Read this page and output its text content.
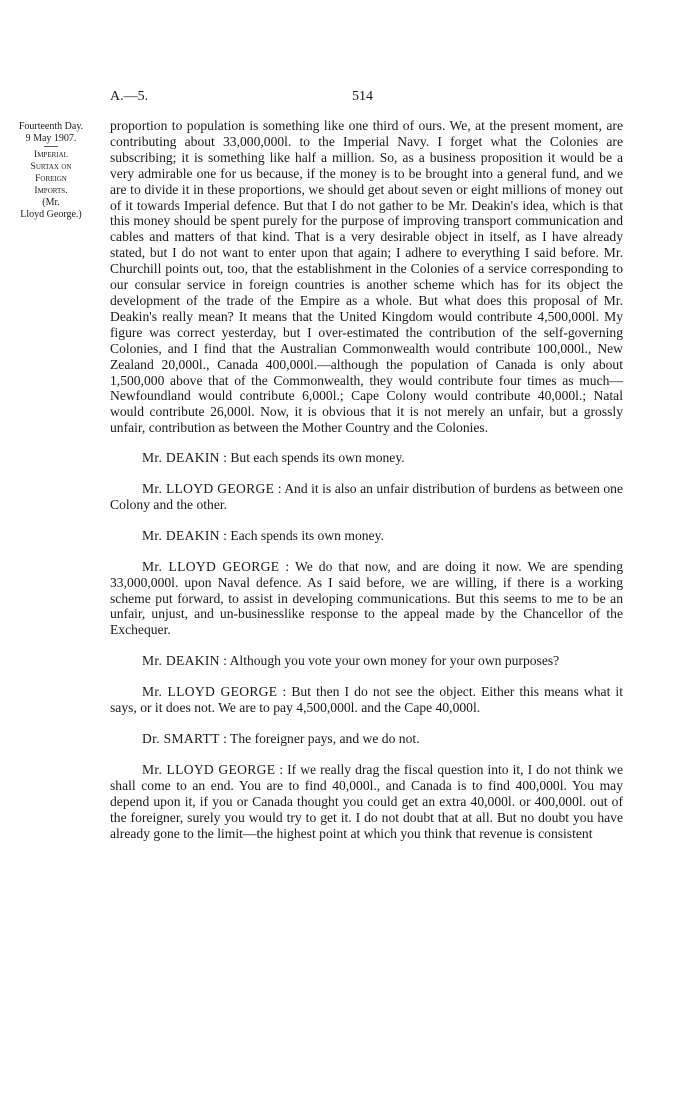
A.—5.	514
Fourteenth Day.
9 May 1907.
Imperial
Surtax on
Foreign
Imports.
(Mr.
Lloyd George.)

proportion to population is something like one third of ours. We, at the present moment, are contributing about 33,000,000l. to the Imperial Navy. I forget what the Colonies are subscribing; it is something like half a million. So, as a business proposition it would be a very admirable one for us because, if the money is to be brought into a general fund, and we are to divide it in these proportions, we should get about seven or eight millions of money out of it towards Imperial defence. But that I do not gather to be Mr. Deakin's idea, which is that this money should be spent purely for the purpose of improving transport communication and cables and matters of that kind. That is a very desirable object in itself, as I have already stated, but I do not want to enter upon that again; I adhere to everything I said before. Mr. Churchill points out, too, that the establishment in the Colonies of a service corresponding to our consular service in foreign countries is another scheme which has for its object the development of the trade of the Empire as a whole. But what does this proposal of Mr. Deakin's really mean? It means that the United Kingdom would contribute 4,500,000l. My figure was correct yesterday, but I over-estimated the contribution of the self-governing Colonies, and I find that the Australian Commonwealth would contribute 100,000l., New Zealand 20,000l., Canada 400,000l.—although the population of Canada is only about 1,500,000 above that of the Commonwealth, they would contribute four times as much—Newfoundland would contribute 6,000l.; Cape Colony would contribute 40,000l.; Natal would contribute 26,000l. Now, it is obvious that it is not merely an unfair, but a grossly unfair, contribution as between the Mother Country and the Colonies.

Mr. DEAKIN : But each spends its own money.

Mr. LLOYD GEORGE : And it is also an unfair distribution of burdens as between one Colony and the other.

Mr. DEAKIN : Each spends its own money.

Mr. LLOYD GEORGE : We do that now, and are doing it now. We are spending 33,000,000l. upon Naval defence. As I said before, we are willing, if there is a working scheme put forward, to assist in developing communications. But this seems to me to be an unfair, unjust, and un-businesslike response to the appeal made by the Chancellor of the Exchequer.

Mr. DEAKIN : Although you vote your own money for your own purposes?

Mr. LLOYD GEORGE : But then I do not see the object. Either this means what it says, or it does not. We are to pay 4,500,000l. and the Cape 40,000l.

Dr. SMARTT : The foreigner pays, and we do not.

Mr. LLOYD GEORGE : If we really drag the fiscal question into it, I do not think we shall come to an end. You are to find 40,000l., and Canada is to find 400,000l. You may depend upon it, if you or Canada thought you could get an extra 40,000l. or 400,000l. out of the foreigner, surely you would try to get it. I do not doubt that at all. But no doubt you have already gone to the limit—the highest point at which you think that revenue is consistent
